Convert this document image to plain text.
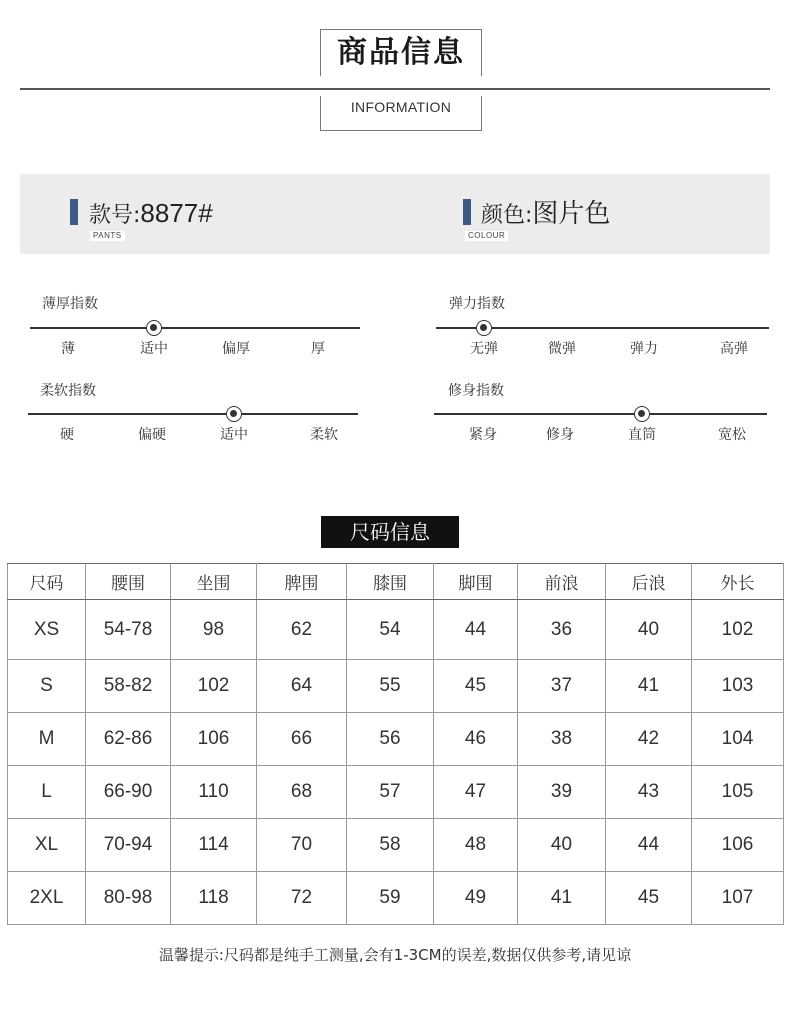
商品信息
INFORMATION
款号:8877#
PANTS
颜色:图片色
COLOUR
薄厚指数
薄	适中	偏厚	厚
弹力指数
无弹	微弹	弹力	高弹
柔软指数
硬	偏硬	适中	柔软
修身指数
紧身	修身	直筒	宽松
尺码信息
尺码	腰围	坐围	脾围	膝围	脚围	前浪	后浪	外长
XS	54-78	98	62	54	44	36	40	102
S	58-82	102	64	55	45	37	41	103
M	62-86	106	66	56	46	38	42	104
L	66-90	110	68	57	47	39	43	105
XL	70-94	114	70	58	48	40	44	106
2XL	80-98	118	72	59	49	41	45	107
温馨提示:尺码都是纯手工测量,会有1-3CM的误差,数据仅供参考,请见谅
